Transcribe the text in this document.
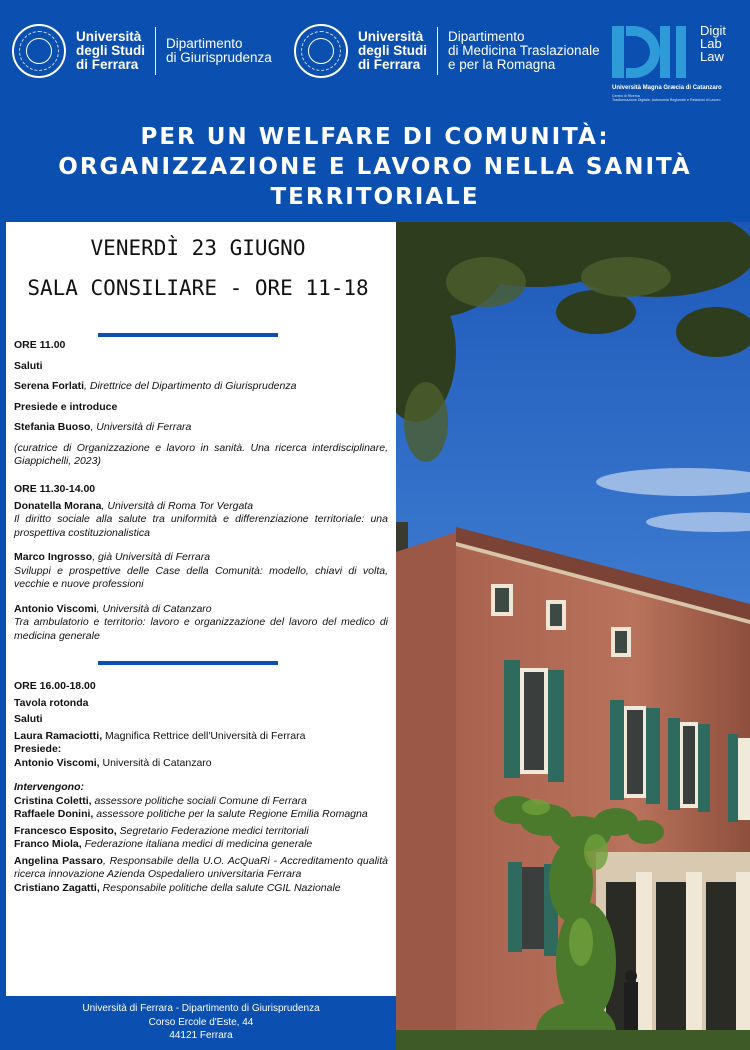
Università
degli Studi
di Ferrara
Dipartimento
di Giurisprudenza
Università
degli Studi
di Ferrara
Dipartimento
di Medicina Traslazionale
e per la Romagna
Digit
Lab
Law
Università Magna Græcia di Catanzaro
Centro di Ricerca
Trasformazione Digitale, Autonomia Regionale e Relazioni di Lavoro
PER UN WELFARE DI COMUNITÀ:
ORGANIZZAZIONE E LAVORO NELLA SANITÀ
TERRITORIALE
VENERDÌ 23 GIUGNO
SALA CONSILIARE - ORE 11-18

ORE 11.00

Saluti

Serena Forlati, Direttrice del Dipartimento di Giurisprudenza

Presiede e introduce

Stefania Buoso, Università di Ferrara

(curatrice di Organizzazione e lavoro in sanità. Una ricerca interdisciplinare, Giappichelli, 2023)

ORE 11.30-14.00

Donatella Morana, Università di Roma Tor Vergata

Il diritto sociale alla salute tra uniformità e differenziazione territoriale: una prospettiva costituzionalistica

Marco Ingrosso, già Università di Ferrara

Sviluppi e prospettive delle Case della Comunità: modello, chiavi di volta, vecchie e nuove professioni

Antonio Viscomi, Università di Catanzaro

Tra ambulatorio e territorio: lavoro e organizzazione del lavoro del medico di medicina generale

ORE 16.00-18.00

Tavola rotonda

Saluti

Laura Ramaciotti, Magnifica Rettrice dell'Università di Ferrara

Presiede:

Antonio Viscomi, Università di Catanzaro

Intervengono:

Cristina Coletti, assessore politiche sociali Comune di Ferrara

Raffaele Donini, assessore politiche per la salute Regione Emilia Romagna

Francesco Esposito, Segretario Federazione medici territoriali

Franco Miola, Federazione italiana medici di medicina generale

Angelina Passaro, Responsabile della U.O. AcQuaRi - Accreditamento qualità ricerca innovazione Azienda Ospedaliero universitaria Ferrara

Cristiano Zagatti, Responsabile politiche della salute CGIL Nazionale

Università di Ferrara - Dipartimento di Giurisprudenza
Corso Ercole d'Este, 44
44121 Ferrara
